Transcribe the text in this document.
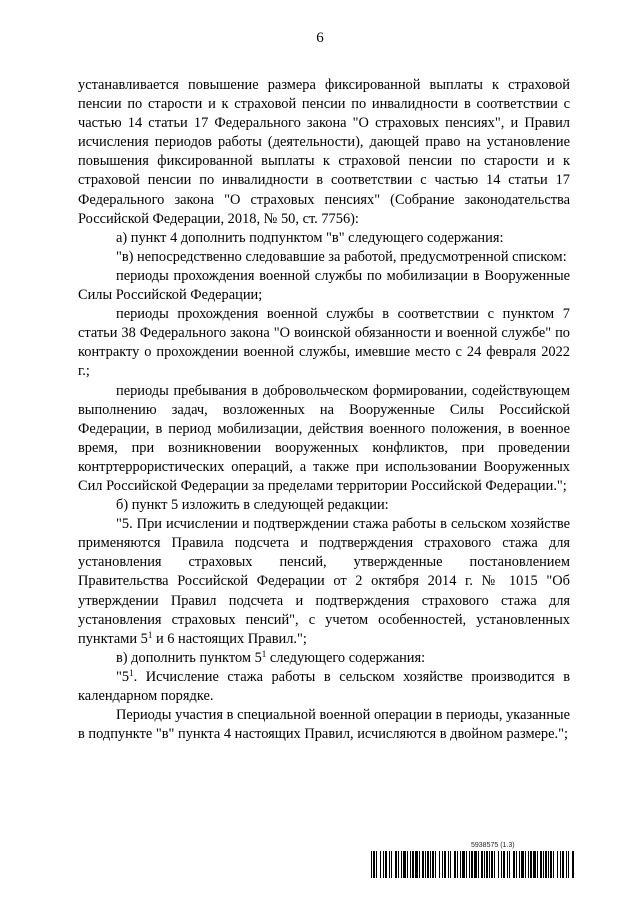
6

устанавливается повышение размера фиксированной выплаты к страховой пенсии по старости и к страховой пенсии по инвалидности в соответствии с частью 14 статьи 17 Федерального закона "О страховых пенсиях", и Правил исчисления периодов работы (деятельности), дающей право на установление повышения фиксированной выплаты к страховой пенсии по старости и к страховой пенсии по инвалидности в соответствии с частью 14 статьи 17 Федерального закона "О страховых пенсиях" (Собрание законодательства Российской Федерации, 2018, № 50, ст. 7756):

а) пункт 4 дополнить подпунктом "в" следующего содержания:

"в) непосредственно следовавшие за работой, предусмотренной списком:

периоды прохождения военной службы по мобилизации в Вооруженные Силы Российской Федерации;

периоды прохождения военной службы в соответствии с пунктом 7 статьи 38 Федерального закона "О воинской обязанности и военной службе" по контракту о прохождении военной службы, имевшие место с 24 февраля 2022 г.;

периоды пребывания в добровольческом формировании, содействующем выполнению задач, возложенных на Вооруженные Силы Российской Федерации, в период мобилизации, действия военного положения, в военное время, при возникновении вооруженных конфликтов, при проведении контртеррористических операций, а также при использовании Вооруженных Сил Российской Федерации за пределами территории Российской Федерации.";

б) пункт 5 изложить в следующей редакции:

"5. При исчислении и подтверждении стажа работы в сельском хозяйстве применяются Правила подсчета и подтверждения страхового стажа для установления страховых пенсий, утвержденные постановлением Правительства Российской Федерации от 2 октября 2014 г. № 1015 "Об утверждении Правил подсчета и подтверждения страхового стажа для установления страховых пенсий", с учетом особенностей, установленных пунктами $5^1$ и 6 настоящих Правил.";

в) дополнить пунктом $5^1$ следующего содержания:

"$5^1$. Исчисление стажа работы в сельском хозяйстве производится в календарном порядке.

Периоды участия в специальной военной операции в периоды, указанные в подпункте "в" пункта 4 настоящих Правил, исчисляются в двойном размере.";

5938575 (1.3)
